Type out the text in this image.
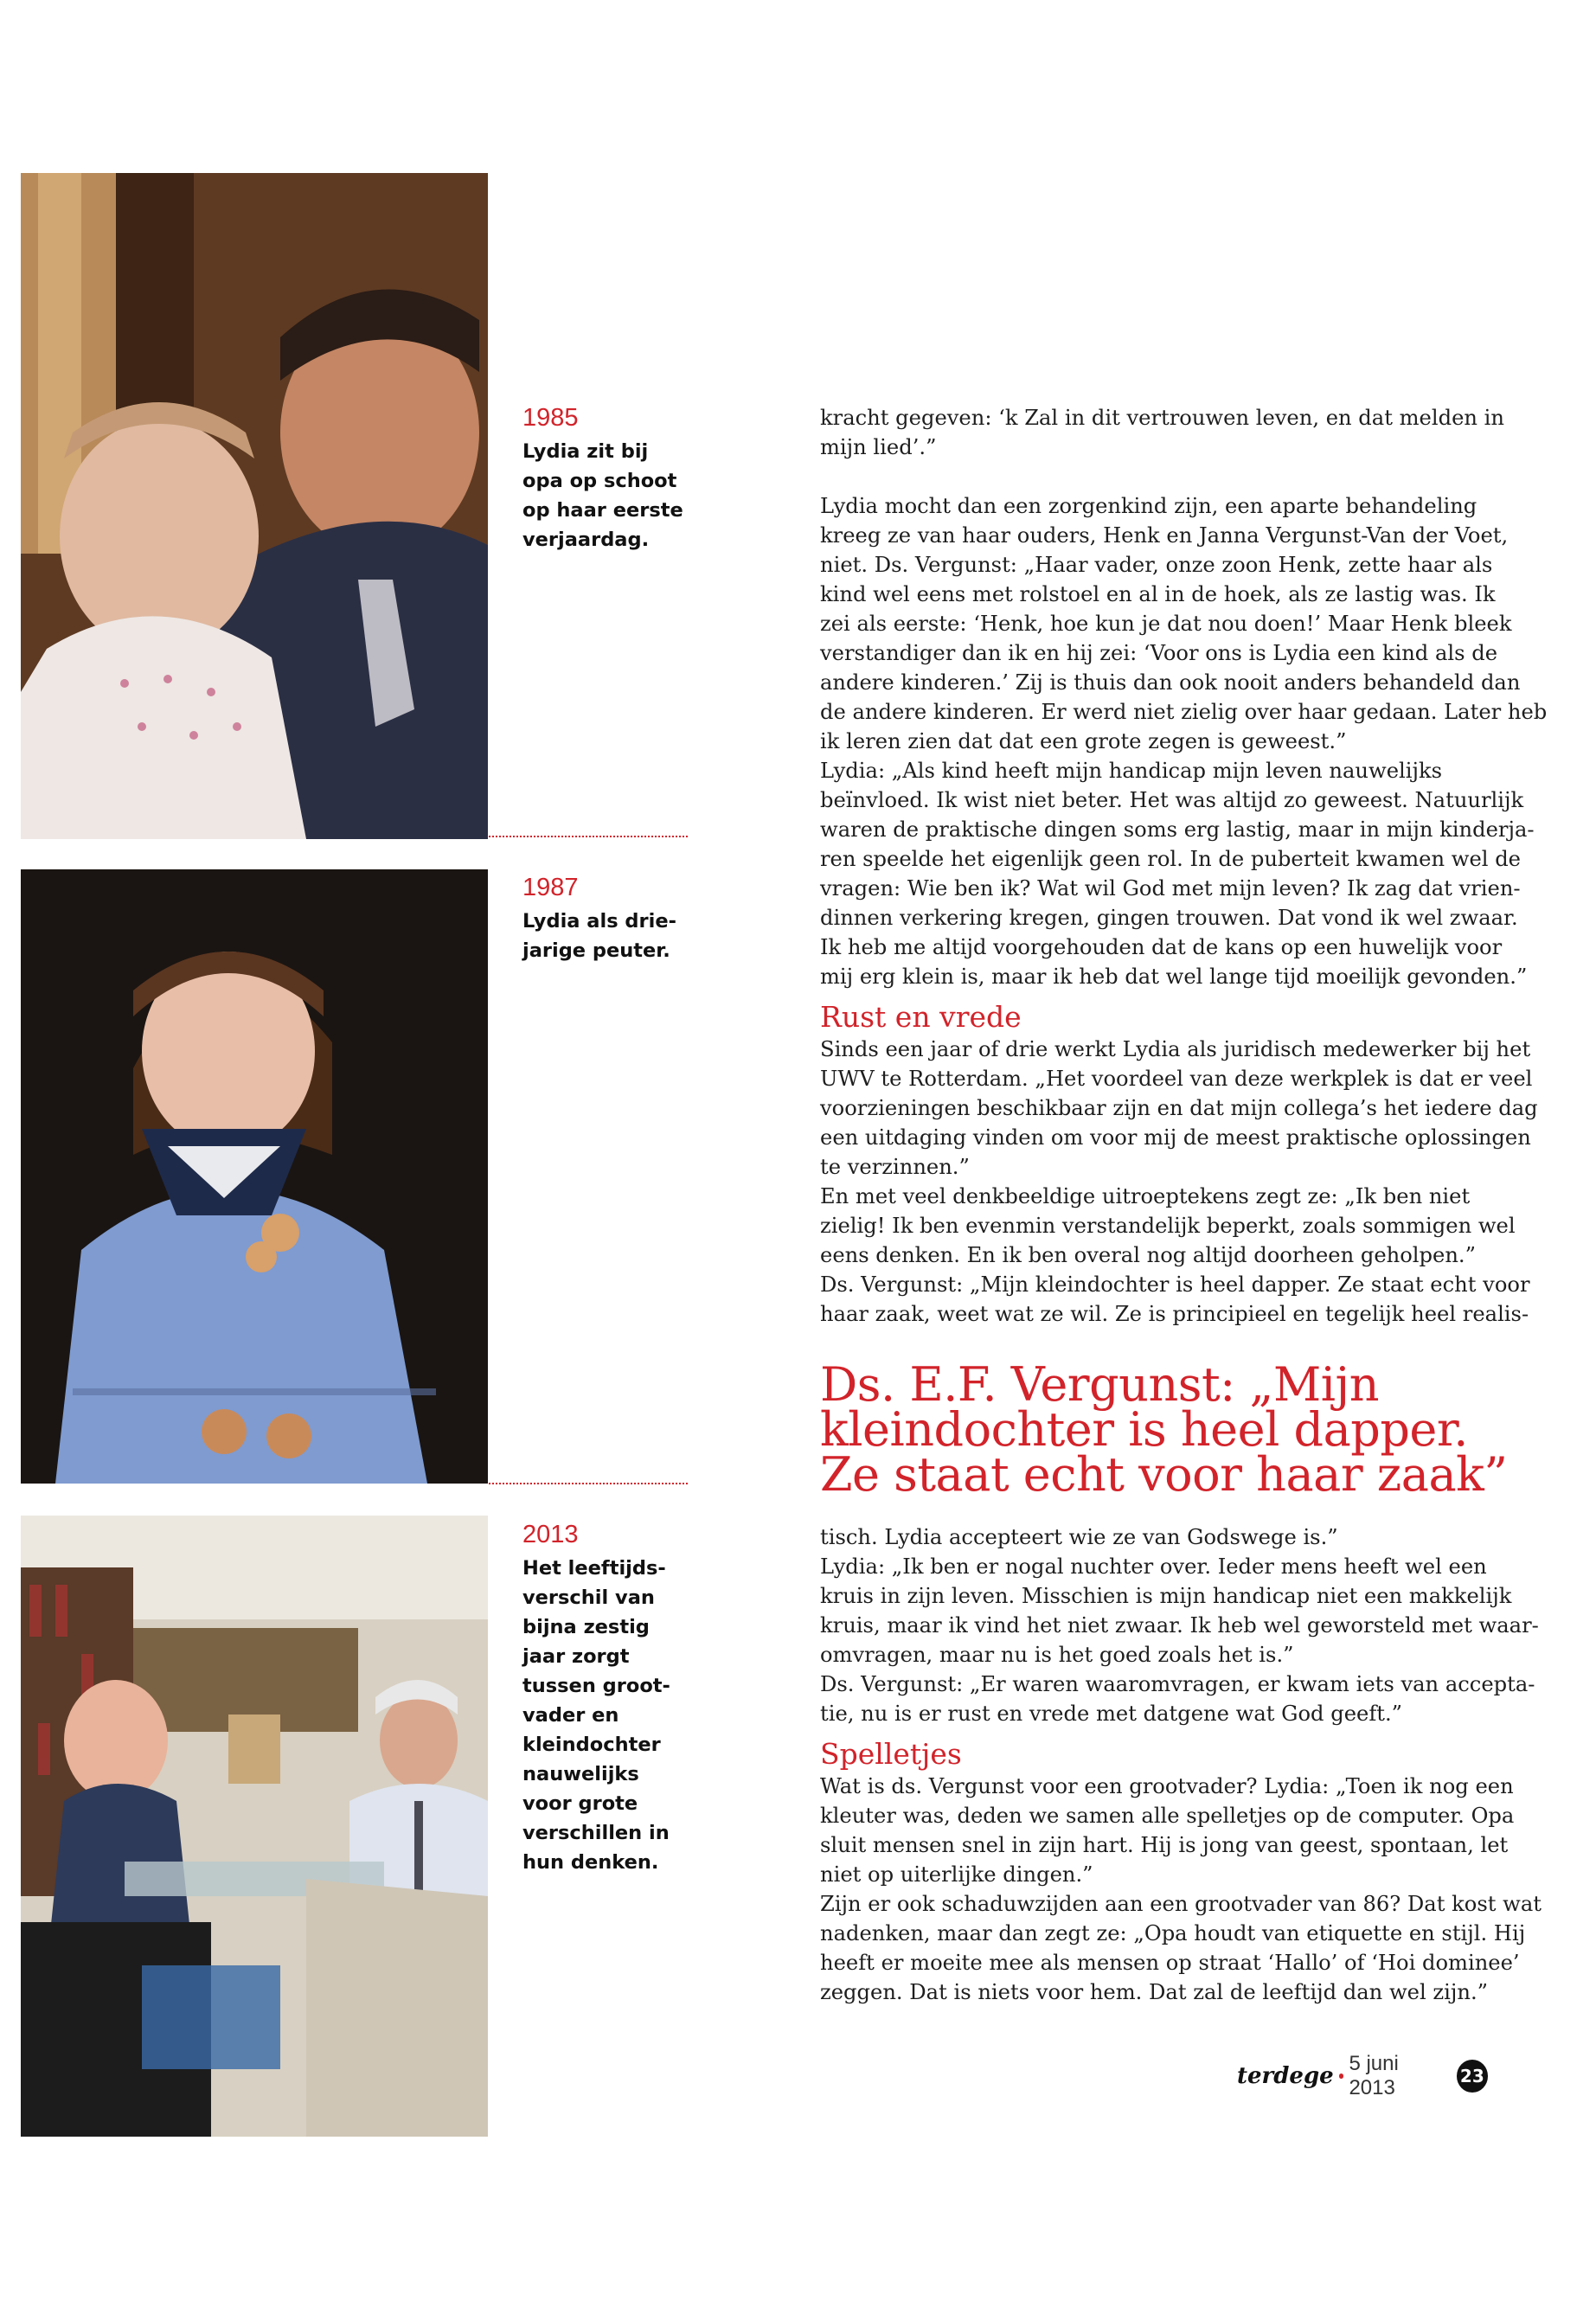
1985
Lydia zit bij
opa op schoot
op haar eerste
verjaardag.
1987
Lydia als drie-
jarige peuter.
2013
Het leeftijds-
verschil van
bijna zestig
jaar zorgt
tussen groot-
vader en
kleindochter
nauwelijks
voor grote
verschillen in
hun denken.

kracht gegeven: ‘k Zal in dit vertrouwen leven, en dat melden in

mijn lied’.”

Lydia mocht dan een zorgenkind zijn, een aparte behandeling

kreeg ze van haar ouders, Henk en Janna Vergunst-Van der Voet,

niet. Ds. Vergunst: „Haar vader, onze zoon Henk, zette haar als

kind wel eens met rolstoel en al in de hoek, als ze lastig was. Ik

zei als eerste: ‘Henk, hoe kun je dat nou doen!’ Maar Henk bleek

verstandiger dan ik en hij zei: ‘Voor ons is Lydia een kind als de

andere kinderen.’ Zij is thuis dan ook nooit anders behandeld dan

de andere kinderen. Er werd niet zielig over haar gedaan. Later heb

ik leren zien dat dat een grote zegen is geweest.”

Lydia: „Als kind heeft mijn handicap mijn leven nauwelijks

beïnvloed. Ik wist niet beter. Het was altijd zo geweest. Natuurlijk

waren de praktische dingen soms erg lastig, maar in mijn kinderja-

ren speelde het eigenlijk geen rol. In de puberteit kwamen wel de

vragen: Wie ben ik? Wat wil God met mijn leven? Ik zag dat vrien-

dinnen verkering kregen, gingen trouwen. Dat vond ik wel zwaar.

Ik heb me altijd voorgehouden dat de kans op een huwelijk voor

mij erg klein is, maar ik heb dat wel lange tijd moeilijk gevonden.”

Rust en vrede

Sinds een jaar of drie werkt Lydia als juridisch medewerker bij het

UWV te Rotterdam. „Het voordeel van deze werkplek is dat er veel

voorzieningen beschikbaar zijn en dat mijn collega’s het iedere dag

een uitdaging vinden om voor mij de meest praktische oplossingen

te verzinnen.”

En met veel denkbeeldige uitroeptekens zegt ze: „Ik ben niet

zielig! Ik ben evenmin verstandelijk beperkt, zoals sommigen wel

eens denken. En ik ben overal nog altijd doorheen geholpen.”

Ds. Vergunst: „Mijn kleindochter is heel dapper. Ze staat echt voor

haar zaak, weet wat ze wil. Ze is principieel en tegelijk heel realis-

Ds. E.F. Vergunst: „Mijn
kleindochter is heel dapper.
Ze staat echt voor haar zaak”

tisch. Lydia accepteert wie ze van Godswege is.”

Lydia: „Ik ben er nogal nuchter over. Ieder mens heeft wel een

kruis in zijn leven. Misschien is mijn handicap niet een makkelijk

kruis, maar ik vind het niet zwaar. Ik heb wel geworsteld met waar-

omvragen, maar nu is het goed zoals het is.”

Ds. Vergunst: „Er waren waaromvragen, er kwam iets van accepta-

tie, nu is er rust en vrede met datgene wat God geeft.”

Spelletjes

Wat is ds. Vergunst voor een grootvader? Lydia: „Toen ik nog een

kleuter was, deden we samen alle spelletjes op de computer. Opa

sluit mensen snel in zijn hart. Hij is jong van geest, spontaan, let

niet op uiterlijke dingen.”

Zijn er ook schaduwzijden aan een grootvader van 86? Dat kost wat

nadenken, maar dan zegt ze: „Opa houdt van etiquette en stijl. Hij

heeft er moeite mee als mensen op straat ‘Hallo’ of ‘Hoi dominee’

zeggen. Dat is niets voor hem. Dat zal de leeftijd dan wel zijn.”

terdege 5 juni 2013	23
